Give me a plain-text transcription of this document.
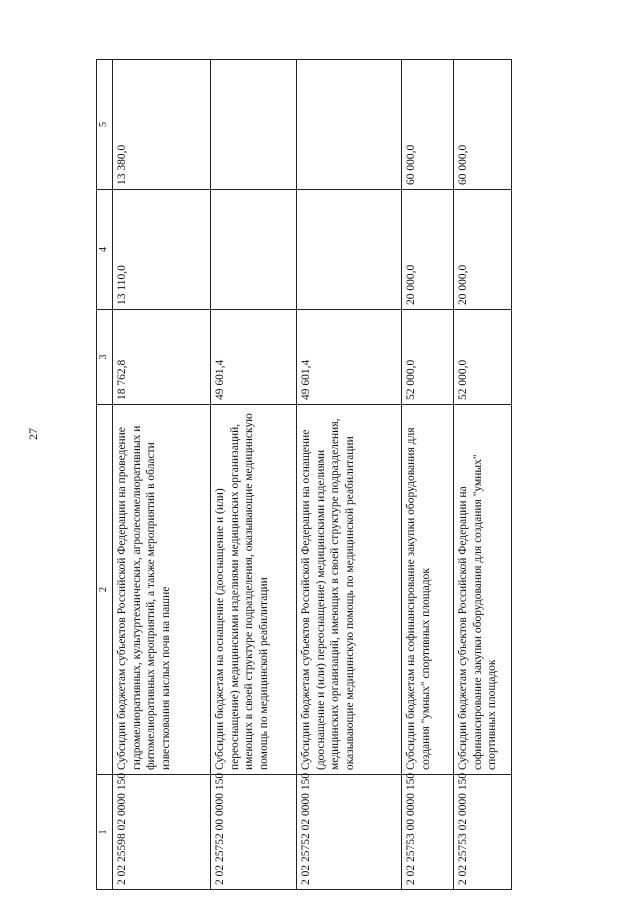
27
1	2	3	4	5
2 02 25598 02 0000 150	Субсидии бюджетам субъектов Российской Федерации на проведение гидромелиоративных, культуртехнических, агролесомелиоративных и фитомелиоративных мероприятий, а также мероприятий в области известкования кислых почв на пашне	18 762,8	13 110,0	13 380,0
2 02 25752 00 0000 150	Субсидии бюджетам на оснащение (дооснащение и (или) переоснащение) медицинскими изделиями медицинских организаций, имеющих в своей структуре подразделения, оказывающие медицинскую помощь по медицинской реабилитации	49 601,4		
2 02 25752 02 0000 150	Субсидии бюджетам субъектов Российской Федерации на оснащение (дооснащение и (или) переоснащение) медицинскими изделиями медицинских организаций, имеющих в своей структуре подразделения, оказывающие медицинскую помощь по медицинской реабилитации	49 601,4		
2 02 25753 00 0000 150	Субсидии бюджетам на софинансирование закупки оборудования для создания "умных" спортивных площадок	52 000,0	20 000,0	60 000,0
2 02 25753 02 0000 150	Субсидии бюджетам субъектов Российской Федерации на софинансирование закупки оборудования для создания "умных" спортивных площадок	52 000,0	20 000,0	60 000,0
